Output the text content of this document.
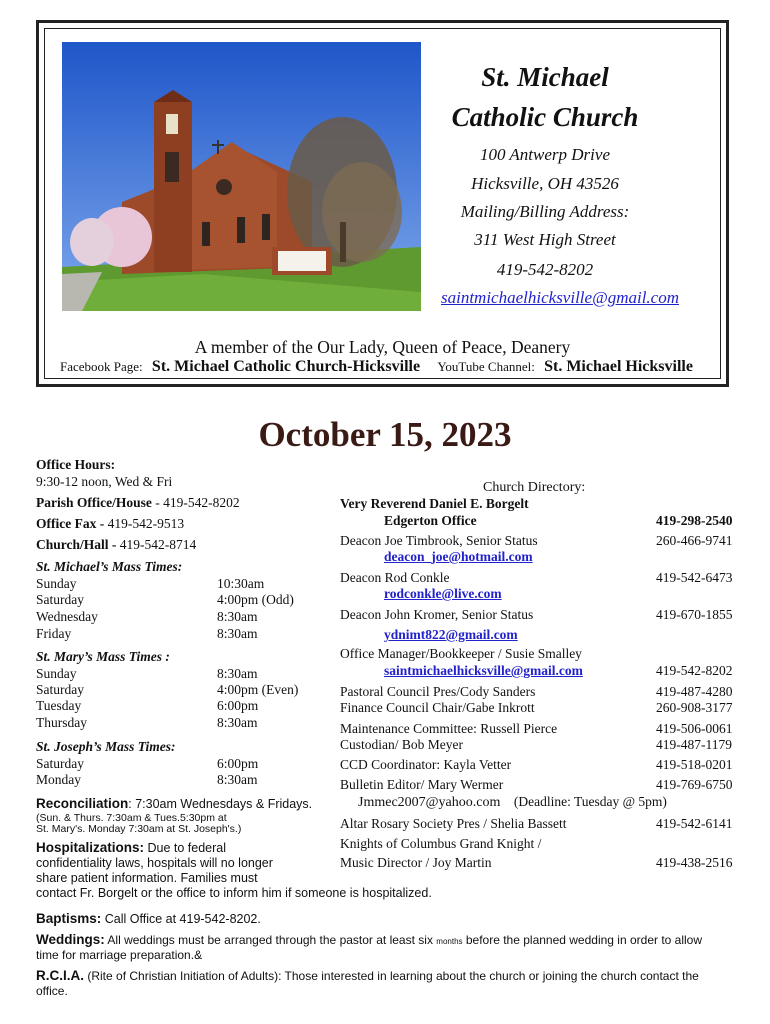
St. Michael
Catholic Church
100 Antwerp Drive
Hicksville, OH 43526
Mailing/Billing Address:
311 West High Street
419-542-8202
saintmichaelhicksville@gmail.com
A member of the Our Lady, Queen of Peace, Deanery
Facebook Page: St. Michael Catholic Church-Hicksville YouTube Channel: St. Michael Hicksville
October 15, 2023
Office Hours:
9:30-12 noon, Wed & Fri
Parish Office/House - 419-542-8202
Office Fax - 419-542-9513
Church/Hall - 419-542-8714
St. Michael’s Mass Times:
Sunday	10:30am
Saturday	4:00pm (Odd)
Wednesday	8:30am
Friday	8:30am
St. Mary’s Mass Times :
Sunday	8:30am
Saturday	4:00pm (Even)
Tuesday	6:00pm
Thursday	8:30am
St. Joseph’s Mass Times:
Saturday	6:00pm
Monday	8:30am
Reconciliation: 7:30am Wednesdays & Fridays.
(Sun. & Thurs. 7:30am & Tues.5:30pm at
St. Mary's. Monday 7:30am at St. Joseph's.)
Hospitalizations: Due to federal
confidentiality laws, hospitals will no longer
share patient information. Families must
contact Fr. Borgelt or the office to inform him if someone is hospitalized.
Church Directory:
Very Reverend Daniel E. Borgelt
Edgerton Office	419-298-2540
Deacon Joe Timbrook, Senior Status	260-466-9741
deacon_joe@hotmail.com
Deacon Rod Conkle	419-542-6473
rodconkle@live.com
Deacon John Kromer, Senior Status	419-670-1855
ydnimt822@gmail.com
Office Manager/Bookkeeper / Susie Smalley
saintmichaelhicksville@gmail.com	419-542-8202
Pastoral Council Pres/Cody Sanders	419-487-4280
Finance Council Chair/Gabe Inkrott	260-908-3177
Maintenance Committee: Russell Pierce	419-506-0061
Custodian/ Bob Meyer	419-487-1179
CCD Coordinator: Kayla Vetter	419-518-0201
Bulletin Editor/ Mary Wermer	419-769-6750
Jmmec2007@yahoo.com (Deadline: Tuesday @ 5pm)
Altar Rosary Society Pres / Shelia Bassett	419-542-6141
Knights of Columbus Grand Knight /
Music Director / Joy Martin	419-438-2516
Baptisms: Call Office at 419-542-8202.
Weddings: All weddings must be arranged through the pastor at least six months before the planned wedding in order to allow
time for marriage preparation.&
R.C.I.A. (Rite of Christian Initiation of Adults): Those interested in learning about the church or joining the church contact the
office.
